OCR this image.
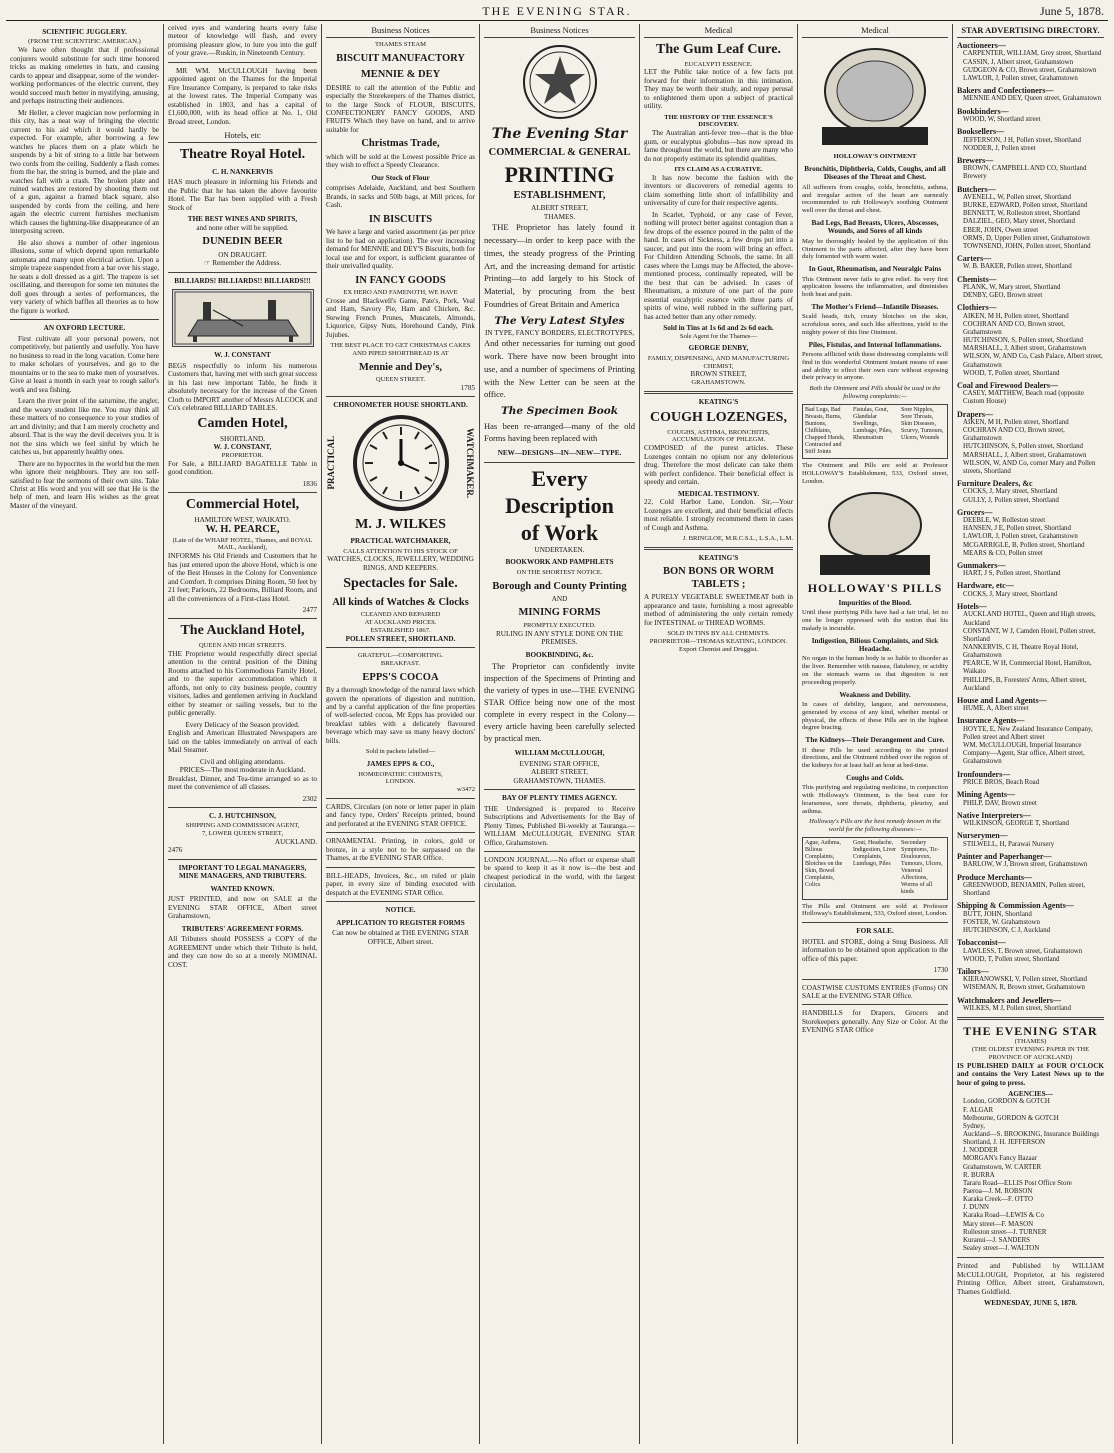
THE EVENING STAR.	June 5, 1878.
SCIENTIFIC JUGGLERY.
(FROM THE SCIENTIFIC AMERICAN.)

We have often thought that if professional conjurers would substitute for such time honored tricks as making omelettes in hats, and causing cards to appear and disappear, some of the wonder-working performances of the electric current, they would succeed much better in mystifying, amusing, and perhaps instructing their audiences.

Mr Heller, a clever magician now performing in this city, has a neat way of bringing the electric current to his aid which it would hardly be expected. For example, after borrowing a few watches he places them on a plate which he suspends by a bit of string to a little bar between two cords from the ceiling. Suddenly a flash comes from the bar, the string is burned, and the plate and watches fall with a crash. The broken plate and ruined watches are restored by shooting them out of a gun, against a framed black square, also suspended by cords from the ceiling, and here again the electric current furnishes mechanism which causes the lightning-like disappearance of an interposing screen.

He also shows a number of other ingenious illusions, some of which depend upon remarkable automata and many upon electrical action. Upon a simple trapeze suspended from a bar over his stage, he seats a doll dressed as a girl. The trapeze is set oscillating, and thereupon for some ten minutes the doll goes through a series of performances, the very variety of which baffles all theories as to how the figure is worked.

AN OXFORD LECTURE.

First cultivate all your personal powers, not competitively, but patiently and usefully. You have no business to read in the long vacation. Come here to make scholars of yourselves, and go to the mountains or to the sea to make men of yourselves. Give at least a month in each year to rough sailor's work and sea fishing.

Learn the river point of the saturnine, the angler, and the weary student like me. You may think all these matters of no consequence to your studies of art and divinity; and that I am merely crochetty and absurd. That is the way the devil deceives you. It is not the sins which we feel sinful by which he catches us, but apparently healthy ones.

There are no hypocrites in the world but the men who ignore their neighbours. They are too self-satisfied to fear the sermons of their own sins. Take Christ at His word and you will see that He is the help of men, and learn His wishes as the great Master of the vineyard.

ceived eyes and wandering hearts every false meteor of knowledge will flash, and every promising pleasure glow, to lure you into the gulf of your grave.—Ruskin, in Nineteenth Century.

MR WM. McCULLOUGH having been appointed agent on the Thames for the Imperial Fire Insurance Company, is prepared to take risks at the lowest rates. The Imperial Company was established in 1803, and has a capital of £1,600,000, with its head office at No. 1, Old Broad street, London.

Hotels, etc
Theatre Royal Hotel.
C. H. NANKERVIS

HAS much pleasure in informing his Friends and the Public that he has taken the above favourite Hotel. The Bar has been supplied with a Fresh Stock of

THE BEST WINES AND SPIRITS,
and none other will be supplied.
DUNEDIN BEER
ON DRAUGHT.
☞ Remember the Address.
BILLIARDS! BILLIARDS!! BILLIARDS!!!
W. J. CONSTANT

BEGS respectfully to inform his numerous Customers that, having met with such great success in his last new important Table, he finds it absolutely necessary for the increase of the Green Cloth to IMPORT another of Messrs ALCOCK and Co's celebrated BILLIARD TABLES.

Camden Hotel,
SHORTLAND,
W. J. CONSTANT,
PROPRIETOR.

For Sale, a BILLIARD BAGATELLE Table in good condition.

1836
Commercial Hotel,
HAMILTON WEST, WAIKATO.
W. H. PEARCE,
(Late of the WHARF HOTEL, Thames, and ROYAL MAIL, Auckland),

INFORMS his Old Friends and Customers that he has just entered upon the above Hotel, which is one of the Best Houses in the Colony for Convenience and Comfort. It comprises Dining Room, 50 feet by 21 feet; Parlours, 22 Bedrooms, Billiard Room, and all the conveniences of a First-class Hotel.

2477
The Auckland Hotel,
QUEEN AND HIGH STREETS.

THE Proprietor would respectfully direct special attention to the central position of the Dining Rooms attached to his Commodious Family Hotel, and to the superior accommodation which it affords, not only to city business people, country visitors, ladies and gentlemen arriving in Auckland either by steamer or sailing vessels, but to the public generally.

Every Delicacy of the Season provided.

English and American Illustrated Newspapers are laid on the tables immediately on arrival of each Mail Steamer.

Civil and obliging attendants.
PRICES—The most moderate in Auckland.

Breakfast, Dinner, and Tea-time arranged so as to meet the convenience of all classes.

2302
C. J. HUTCHINSON,
SHIPPING AND COMMISSION AGENT,
7, LOWER QUEEN STREET,
AUCKLAND.
2476
IMPORTANT TO LEGAL MANAGERS, MINE MANAGERS, AND TRIBUTERS.
WANTED KNOWN.

JUST PRINTED, and now on SALE at the EVENING STAR OFFICE, Albert street Grahamstown,

TRIBUTERS' AGREEMENT FORMS.

All Tributers should POSSESS a COPY of the AGREEMENT under which their Tribute is held, and they can now do so at a merely NOMINAL COST.

Business Notices
THAMES STEAM
BISCUIT MANUFACTORY
MENNIE & DEY

DESIRE to call the attention of the Public and especially the Storekeepers of the Thames district, to the large Stock of FLOUR, BISCUITS, CONFECTIONERY FANCY GOODS, AND FRUITS Which they have on hand, and to arrive suitable for

Christmas Trade,

which will be sold at the Lowest possible Price as they wish to effect a Speedy Clearance.

Our Stock of Flour

comprises Adelaide, Auckland, and best Southern Brands, in sacks and 50lb bags, at Mill prices, for Cash.

IN BISCUITS

We have a large and varied assortment (as per price list to be had on application). The ever increasing demand for MENNIE and DEY'S Biscuits, both for local use and for export, is sufficient guarantee of their unrivalled quality.

IN FANCY GOODS
EX HERO AND FAMENOTH, WE HAVE

Crosse and Blackwell's Game, Pate's, Pork, Veal and Ham, Savory Pie, Ham and Chicken, &c. Stewing French Prunes, Muscatels, Almonds, Liquorice, Gipsy Nuts, Horehound Candy, Pink Jujubes.

THE BEST PLACE TO GET CHRISTMAS CAKES AND PIPED SHORTBREAD IS AT
Mennie and Dey's,
QUEEN STREET.
1785
CHRONOMETER HOUSE SHORTLAND.
PRACTICAL	WATCHMAKER.
M. J. WILKES
PRACTICAL WATCHMAKER,
CALLS ATTENTION TO HIS STOCK OF
WATCHES, CLOCKS, JEWELLERY, WEDDING RINGS, AND KEEPERS.
Spectacles for Sale.
All kinds of Watches & Clocks
CLEANED AND REPAIRED
AT AUCKLAND PRICES.
ESTABLISHED 1867.
POLLEN STREET, SHORTLAND.
GRATEFUL—COMFORTING.
BREAKFAST.
EPPS'S COCOA

By a thorough knowledge of the natural laws which govern the operations of digestion and nutrition, and by a careful application of the fine properties of well-selected cocoa, Mr Epps has provided our breakfast tables with a delicately flavoured beverage which may save us many heavy doctors' bills.

Sold in packets labelled—
JAMES EPPS & CO.,
HOMŒOPATHIC CHEMISTS,
LONDON.
w3472

CARDS, Circulars (on note or letter paper in plain and fancy type, Orders' Receipts printed, bound and perforated at the EVENING STAR OFFICE.

ORNAMENTAL Printing, in colors, gold or bronze, in a style not to be surpassed on the Thames, at the EVENING STAR Office.

BILL-HEADS, Invoices, &c., on ruled or plain paper, in every size of binding executed with despatch at the EVENING STAR Office.

NOTICE.
APPLICATION TO REGISTER FORMS
Can now be obtained at THE EVENING STAR OFFICE, Albert street.
Business Notices
The Evening Star
COMMERCIAL & GENERAL
PRINTING
ESTABLISHMENT,
ALBERT STREET,
THAMES.

THE Proprietor has lately found it necessary—in order to keep pace with the times, the steady progress of the Printing Art, and the increasing demand for artistic Printing—to add largely to his Stock of Material, by procuring from the best Foundries of Great Britain and America

The Very Latest Styles
IN TYPE, FANCY BORDERS, ELECTROTYPES,

And other necessaries for turning out good work. There have now been brought into use, and a number of specimens of Printing with the New Letter can be seen at the office.

The Specimen Book

Has been re-arranged—many of the old Forms having been replaced with

NEW—DESIGNS—IN—NEW—TYPE.
Every
Description
of Work
UNDERTAKEN.
BOOKWORK AND PAMPHLETS
ON THE SHORTEST NOTICE.
Borough and County Printing
AND
MINING FORMS
PROMPTLY EXECUTED.
RULING IN ANY STYLE DONE ON THE PREMISES.
BOOKBINDING, &c.

The Proprietor can confidently invite inspection of the Specimens of Printing and the variety of types in use—THE EVENING STAR Office being now one of the most complete in every respect in the Colony—every article having been carefully selected by practical men.

WILLIAM McCULLOUGH,
EVENING STAR OFFICE,
ALBERT STREET,
GRAHAMSTOWN, THAMES.
BAY OF PLENTY TIMES AGENCY.

THE Undersigned is prepared to Receive Subscriptions and Advertisements for the Bay of Plenty Times, Published Bi-weekly at Tauranga.—WILLIAM McCULLOUGH, EVENING STAR Office, Grahamstown.

LONDON JOURNAL.—No effort or expense shall be spared to keep it as it now is—the best and cheapest periodical in the world, with the largest circulation.

Medical
The Gum Leaf Cure.
EUCALYPTI ESSENCE.

LET the Public take notice of a few facts put forward for their information in this intimation. They may be worth their study, and repay perusal to enlightened them upon a subject of practical utility.

THE HISTORY OF THE ESSENCE'S DISCOVERY.

The Australian anti-fever tree—that is the blue gum, or eucalyptus globulus—has now spread its fame throughout the world, but there are many who do not properly estimate its splendid qualities.

ITS CLAIM AS A CURATIVE.

It has now become the fashion with the inventors or discoverers of remedial agents to claim something little short of infallibility and universality of cure for their respective agents.

In Scarlet, Typhoid, or any case of Fever, nothing will protect better against contagion than a few drops of the essence poured in the palm of the hand. In cases of Sickness, a few drops put into a saucer, and put into the room will bring an effect. For Children Attending Schools, the same. In all cases where the Lungs may be Affected, the above-mentioned process, continually repeated, will be the best that can be advised. In cases of Rheumatism, a mixture of one part of the pure essential eucalyptic essence with three parts of spirits of wine, well rubbed in the suffering part, has acted better than any other remedy.

Sold in Tins at 1s 6d and 2s 6d each.
Sole Agent for the Thames—
GEORGE DENBY,
FAMILY, DISPENSING, AND MANUFACTURING CHEMIST,
BROWN STREET,
GRAHAMSTOWN.
KEATING'S
COUGH LOZENGES,
COUGHS, ASTHMA, BRONCHITIS, ACCUMULATION OF PHLEGM.

COMPOSED of the purest articles. These Lozenges contain no opium nor any deleterious drug. Therefore the most delicate can take them with perfect confidence. Their beneficial effect is speedy and certain.

MEDICAL TESTIMONY.

22, Cold Harbor Lane, London. Sir,—Your Lozenges are excellent, and their beneficial effects most reliable. I strongly recommend them in cases of Cough and Asthma.

J. BRINGLOE, M.R.C.S.L., L.S.A., L.M.
KEATING'S
BON BONS OR WORM TABLETS ;

A PURELY VEGETABLE SWEETMEAT both in appearance and taste, furnishing a most agreeable method of administering the only certain remedy for INTESTINAL or THREAD WORMS.

SOLD IN TINS BY ALL CHEMISTS.
PROPRIETOR—THOMAS KEATING, LONDON.
Export Chemist and Druggist.
Medical
HOLLOWAY'S OINTMENT
Bronchitis, Diphtheria, Colds, Coughs, and all Diseases of the Throat and Chest.

All sufferers from coughs, colds, bronchitis, asthma, and irregular action of the heart are earnestly recommended to rub Holloway's soothing Ointment well over the throat and chest.

Bad Legs, Bad Breasts, Ulcers, Abscesses, Wounds, and Sores of all kinds

May be thoroughly healed by the application of this Ointment to the parts affected, after they have been duly fomented with warm water.

In Gout, Rheumatism, and Neuralgic Pains

This Ointment never fails to give relief. Its very first application lessens the inflammation, and diminishes both heat and pain.

The Mother's Friend—Infantile Diseases.

Scald heads, itch, crusty blotches on the skin, scrofulous sores, and such like affections, yield to the mighty power of this fine Ointment.

Piles, Fistulas, and Internal Inflammations.

Persons afflicted with these distressing complaints will find in this wonderful Ointment instant means of ease and ability to effect their own cure without exposing their privacy to anyone.

Both the Ointment and Pills should be used in the following complaints:—
Bad Legs, Bad Breasts, Burns, Bunions, Chilblains, Chapped Hands, Contracted and Stiff Joints
Fistulas, Gout, Glandular Swellings, Lumbago, Piles, Rheumatism
Sore Nipples, Sore Throats, Skin Diseases, Scurvy, Tumours, Ulcers, Wounds

The Ointment and Pills are sold at Professor HOLLOWAY'S Establishment, 533, Oxford street, London.

HOLLOWAY'S PILLS
Impurities of the Blood.

Until these purifying Pills have had a fair trial, let no one be longer oppressed with the notion that his malady is incurable.

Indigestion, Bilious Complaints, and Sick Headache.

No organ in the human body is so liable to disorder as the liver. Remember with nausea, flatulency, or acidity on the stomach warns us that digestion is not proceeding properly.

Weakness and Debility.

In cases of debility, languor, and nervousness, generated by excess of any kind, whether mental or physical, the effects of these Pills are in the highest degree bracing.

The Kidneys—Their Derangement and Cure.

If these Pills be used according to the printed directions, and the Ointment rubbed over the region of the kidneys for at least half an hour at bed-time.

Coughs and Colds.

This purifying and regulating medicine, in conjunction with Holloway's Ointment, is the best cure for hoarseness, sore throats, diphtheria, pleurisy, and asthma.

Holloway's Pills are the best remedy known in the world for the following diseases:—
Ague, Asthma, Bilious Complaints, Blotches on the Skin, Bowel Complaints, Colics
Gout, Headache, Indigestion, Liver Complaints, Lumbago, Piles
Secondary Symptoms, Tic-Douloureux, Tumours, Ulcers, Venereal Affections, Worms of all kinds

The Pills and Ointment are sold at Professor Holloway's Establishment, 533, Oxford street, London.

FOR SALE.

HOTEL and STORE, doing a Snug Business. All information to be obtained upon application to the office of this paper.

1730

COASTWISE CUSTOMS ENTRIES (Forms) ON SALE at the EVENING STAR Office.

HANDBILLS for Drapers, Grocers and Storekeepers generally. Any Size or Color. At the EVENING STAR Office

STAR ADVERTISING DIRECTORY.
Auctioneers—
CARPENTER, WILLIAM, Grey street, Shortland
CASSIN, J, Albert street, Grahamstown
GUDGEON & CO, Brown street, Grahamstown
LAWLOR, J, Pollen street, Grahamstown
Bakers and Confectioners—
MENNIE AND DEY, Queen street, Grahamstown
Bookbinders—
WOOD, W, Shortland street
Booksellers—
JEFFERSON, J H, Pollen street, Shortland
NODDER, J, Pollen street
Brewers—
BROWN, CAMPBELL AND CO, Shortland Brewery
Butchers—
AVENELL, W, Pollen street, Shortland
BURKE, EDWARD, Pollen street, Shortland
BENNETT, W, Rolleston street, Shortland
DALZIEL, GEO, Mary street, Shortland
EBER, JOHN, Owen street
ORMS, D, Upper Pollen street, Grahamstown
TOWNSEND, JOHN, Pollen street, Shortland
Carters—
W. B. BAKER, Pollen street, Shortland
Chemists—
PLANK, W, Mary street, Shortland
DENBY, GEO, Brown street
Clothiers—
AIKEN, M H, Pollen street, Shortland
COCHRAN AND CO, Brown street, Grahamstown
HUTCHINSON, S, Pollen street, Shortland
MARSHALL, J, Albert street, Grahamstown
WILSON, W, AND Co, Cash Palace, Albert street, Grahamstown
WOOD, T, Pollen street, Shortland
Coal and Firewood Dealers—
CASEY, MATTHEW, Beach road (opposite Custom House)
Drapers—
AIKEN, M H, Pollen street, Shortland
COCHRAN AND CO, Brown street, Grahamstown
HUTCHINSON, S, Pollen street, Shortland
MARSHALL, J, Albert street, Grahamstown
WILSON, W, AND Co, corner Mary and Pollen streets, Shortland
Furniture Dealers, &c
COCKS, J, Mary street, Shortland
GULLY, J, Pollen street, Shortland
Grocers—
DEEBLE, W, Rolleston street
HANSEN, J E, Pollen street, Shortland
LAWLOR, J, Pollen street, Grahamstown
MCGARRIGLE, B, Pollen street, Shortland
MEARS & CO, Pollen street
Gunmakers—
HART, J S, Pollen street, Shortland
Hardware, etc—
COCKS, J, Mary street, Shortland
Hotels—
AUCKLAND HOTEL, Queen and High streets, Auckland
CONSTANT, W J, Camden Hotel, Pollen street, Shortland
NANKERVIS, C H, Theatre Royal Hotel, Grahamstown
PEARCE, W H, Commercial Hotel, Hamilton, Waikato
PHILLIPS, B, Foresters' Arms, Albert street, Auckland
House and Land Agents—
HUME, A, Albert street
Insurance Agents—
HOYTE, E, New Zealand Insurance Company, Pollen street and Albert street
WM. McCULLOUGH, Imperial Insurance Company—Agent, Star office, Albert street, Grahamstown
Ironfounders—
PRICE BROS, Beach Road
Mining Agents—
PHILP, DAV, Brown street
Native Interpreters—
WILKINSON, GEORGE T, Shortland
Nurserymen—
STILWELL, H, Parawai Nursery
Painter and Paperhanger—
BARLOW, W J, Brown street, Grahamstown
Produce Merchants—
GREENWOOD, BENJAMIN, Pollen street, Shortland
Shipping & Commission Agents—
BUTT, JOHN, Shortland
FOSTER, W. Grahamstown
HUTCHINSON, C J, Auckland
Tobacconist—
LAWLESS, T, Brown street, Grahamstown
WOOD, T, Pollen street, Shortland
Tailors—
KIERANOWSKI, V, Pollen street, Shortland
WISEMAN, R, Brown street, Grahamstown
Watchmakers and Jewellers—
WILKES, M J, Pollen street, Shortland
THE EVENING STAR
(THAMES)
(THE OLDEST EVENING PAPER IN THE PROVINCE OF AUCKLAND)

IS PUBLISHED DAILY at FOUR O'CLOCK and contains the Very Latest News up to the hour of going to press.

AGENCIES—
London, GORDON & GOTCH
F. ALGAR
Melbourne, GORDON & GOTCH
Sydney,
Auckland—S. BROOKING, Insurance Buildings
Shortland, J. H. JEFFERSON
J. NODDER
MORGAN's Fancy Bazaar
Grahamstown, W. CARTER
R. BURRA
Tararu Road—ELLIS Post Office Store
Paeroa—J. M. ROBSON
Karaka Creek—F. OTTO
J. DUNN
Karaka Road—LEWIS & Co
Mary street—F. MASON
Rolleston street—J. TURNER
Kuranui—J. SANDERS
Sealey street—J. WALTON

Printed and Published by WILLIAM McCULLOUGH, Proprietor, at his registered Printing Office, Albert street, Grahamstown, Thames Goldfield.

WEDNESDAY, JUNE 5, 1878.
